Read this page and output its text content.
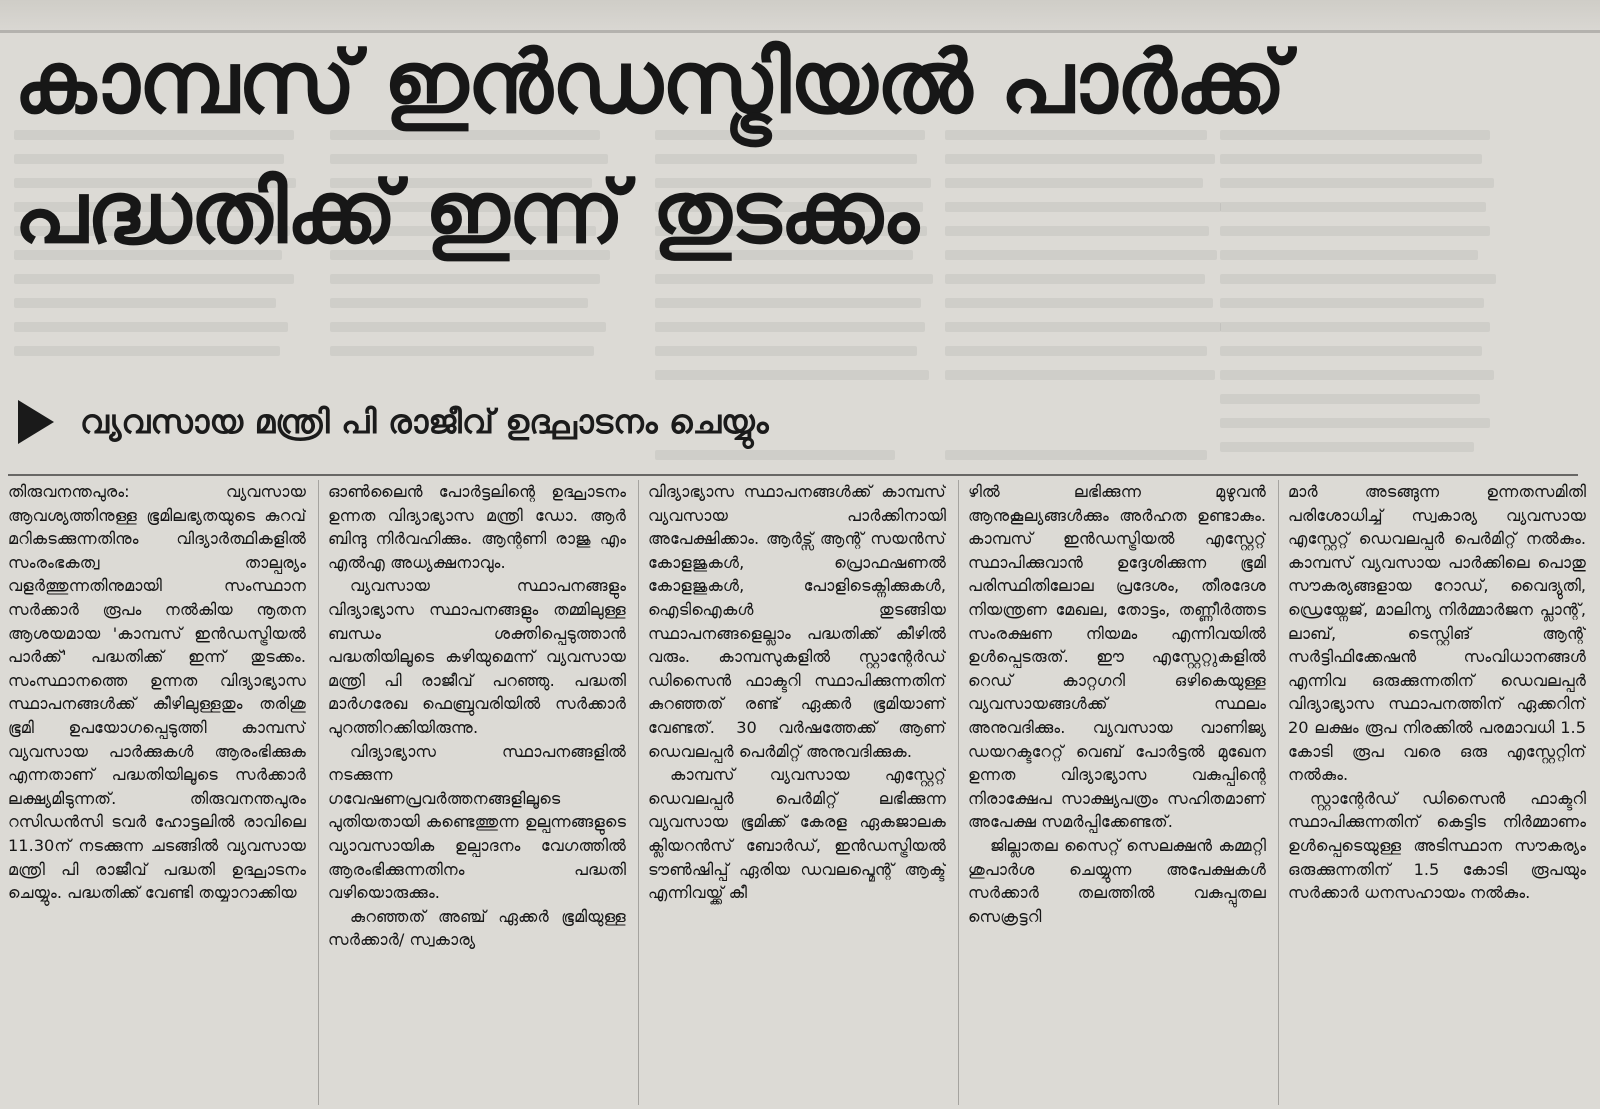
കാമ്പസ് ഇൻഡസ്ട്രിയൽ പാർക്ക്
പദ്ധതിക്ക് ഇന്ന് തുടക്കം
വ്യവസായ മന്ത്രി പി രാജീവ് ഉദ്ഘാടനം ചെയ്യും

തിരുവനന്തപുരം: വ്യവസായ ആവശ്യത്തിനുള്ള ഭൂമിലഭ്യതയുടെ കുറവ് മറികടക്കുന്നതിനും വിദ്യാർത്ഥികളിൽ സംരംഭകത്വ താല്പര്യം വളർത്തുന്നതിനുമായി സംസ്ഥാന സർക്കാർ രൂപം നൽകിയ നൂതന ആശയമായ 'കാമ്പസ് ഇൻഡസ്ട്രിയൽ പാർക്ക്' പദ്ധതിക്ക് ഇന്ന് തുടക്കം. സംസ്ഥാനത്തെ ഉന്നത വിദ്യാഭ്യാസ സ്ഥാപനങ്ങൾക്ക് കീഴിലുള്ളതും തരിശു ഭൂമി ഉപയോഗപ്പെടുത്തി കാമ്പസ് വ്യവസായ പാർക്കുകൾ ആരംഭിക്കുക എന്നതാണ് പദ്ധതിയിലൂടെ സർക്കാർ ലക്ഷ്യമിടുന്നത്. തിരുവനന്തപുരം റസിഡൻസി ടവർ ഹോട്ടലിൽ രാവിലെ 11.30ന് നടക്കുന്ന ചടങ്ങിൽ വ്യവസായ മന്ത്രി പി രാജീവ് പദ്ധതി ഉദ്ഘാടനം ചെയ്യും. പദ്ധതിക്ക് വേണ്ടി തയ്യാറാക്കിയ

ഓൺലൈൻ പോർട്ടലിന്റെ ഉദ്ഘാടനം ഉന്നത വിദ്യാഭ്യാസ മന്ത്രി ഡോ. ആർ ബിന്ദു നിർവഹിക്കും. ആന്റണി രാജു എം എൽഎ അധ്യക്ഷനാവും.

വ്യവസായ സ്ഥാപനങ്ങളും വിദ്യാഭ്യാസ സ്ഥാപനങ്ങളും തമ്മിലുള്ള ബന്ധം ശക്തിപ്പെടുത്താൻ പദ്ധതിയിലൂടെ കഴിയുമെന്ന് വ്യവസായ മന്ത്രി പി രാജീവ് പറഞ്ഞു. പദ്ധതി മാർഗരേഖ ഫെബ്രുവരിയിൽ സർക്കാർ പുറത്തിറക്കിയിരുന്നു.

വിദ്യാഭ്യാസ സ്ഥാപനങ്ങളിൽ നടക്കുന്ന ഗവേഷണപ്രവർത്തനങ്ങളിലൂടെ പുതിയതായി കണ്ടെത്തുന്ന ഉല്പന്നങ്ങളുടെ വ്യാവസായിക ഉല്പാദനം വേഗത്തിൽ ആരംഭിക്കുന്നതിനം പദ്ധതി വഴിയൊരുക്കും.

കുറഞ്ഞത് അഞ്ച് ഏക്കർ ഭൂമിയുള്ള സർക്കാർ/ സ്വകാര്യ

വിദ്യാഭ്യാസ സ്ഥാപനങ്ങൾക്ക് കാമ്പസ് വ്യവസായ പാർക്കിനായി അപേക്ഷിക്കാം. ആർട്സ് ആന്റ് സയൻസ് കോളജുകൾ, പ്രൊഫഷണൽ കോളജുകൾ, പോളിടെക്നിക്കുകൾ, ഐടിഐകൾ തുടങ്ങിയ സ്ഥാപനങ്ങളെല്ലാം പദ്ധതിക്ക് കീഴിൽ വരും. കാമ്പസുകളിൽ സ്റ്റാന്റേർഡ് ഡിസൈൻ ഫാക്ടറി സ്ഥാപിക്കുന്നതിന് കുറഞ്ഞത് രണ്ട് ഏക്കർ ഭൂമിയാണ് വേണ്ടത്. 30 വർഷത്തേക്ക് ആണ് ഡെവലപ്പർ പെർമിറ്റ് അനുവദിക്കുക.

കാമ്പസ് വ്യവസായ എസ്റ്റേറ്റ് ഡെവലപ്പർ പെർമിറ്റ് ലഭിക്കുന്ന വ്യവസായ ഭൂമിക്ക് കേരള ഏകജാലക ക്ലിയറൻസ് ബോർഡ്, ഇൻഡസ്ട്രിയൽ ടൗൺഷിപ്പ് ഏരിയ ഡവലപ്മെന്റ് ആക്ട് എന്നിവയ്ക്ക് കീ

ഴിൽ ലഭിക്കുന്ന മുഴുവൻ ആനുകൂല്യങ്ങൾക്കും അർഹത ഉണ്ടാകും. കാമ്പസ് ഇൻഡസ്ട്രിയൽ എസ്റ്റേറ്റ് സ്ഥാപിക്കുവാൻ ഉദ്ദേശിക്കുന്ന ഭൂമി പരിസ്ഥിതിലോല പ്രദേശം, തീരദേശ നിയന്ത്രണ മേഖല, തോട്ടം, തണ്ണീർത്തട സംരക്ഷണ നിയമം എന്നിവയിൽ ഉൾപ്പെടരുത്. ഈ എസ്റ്റേറ്റുകളിൽ റെഡ് കാറ്റഗറി ഒഴികെയുള്ള വ്യവസായങ്ങൾക്ക് സ്ഥലം അനുവദിക്കും. വ്യവസായ വാണിജ്യ ഡയറക്ടറേറ്റ് വെബ് പോർട്ടൽ മുഖേന ഉന്നത വിദ്യാഭ്യാസ വകുപ്പിന്റെ നിരാക്ഷേപ സാക്ഷ്യപത്രം സഹിതമാണ് അപേക്ഷ സമർപ്പിക്കേണ്ടത്.

ജില്ലാതല സൈറ്റ് സെലക്ഷൻ കമ്മറ്റി ശുപാർശ ചെയ്യുന്ന അപേക്ഷകൾ സർക്കാർ തലത്തിൽ വകുപ്പുതല സെക്രട്ടറി

മാർ അടങ്ങുന്ന ഉന്നതസമിതി പരിശോധിച്ച് സ്വകാര്യ വ്യവസായ എസ്റ്റേറ്റ് ഡെവലപ്പർ പെർമിറ്റ് നൽകും. കാമ്പസ് വ്യവസായ പാർക്കിലെ പൊതു സൗകര്യങ്ങളായ റോഡ്, വൈദ്യുതി, ഡ്രെയ്നേജ്, മാലിന്യ നിർമ്മാർജന പ്ലാന്റ്, ലാബ്, ടെസ്റ്റിങ് ആന്റ് സർട്ടിഫിക്കേഷൻ സംവിധാനങ്ങൾ എന്നിവ ഒരുക്കുന്നതിന് ഡെവലപ്പർ വിദ്യാഭ്യാസ സ്ഥാപനത്തിന് ഏക്കറിന് 20 ലക്ഷം രൂപ നിരക്കിൽ പരമാവധി 1.5 കോടി രൂപ വരെ ഒരു എസ്റ്റേറ്റിന് നൽകും.

സ്റ്റാന്റേർഡ് ഡിസൈൻ ഫാക്ടറി സ്ഥാപിക്കുന്നതിന് കെട്ടിട നിർമ്മാണം ഉൾപ്പെടെയുള്ള അടിസ്ഥാന സൗകര്യം ഒരുക്കുന്നതിന് 1.5 കോടി രൂപയും സർക്കാർ ധനസഹായം നൽകും.
